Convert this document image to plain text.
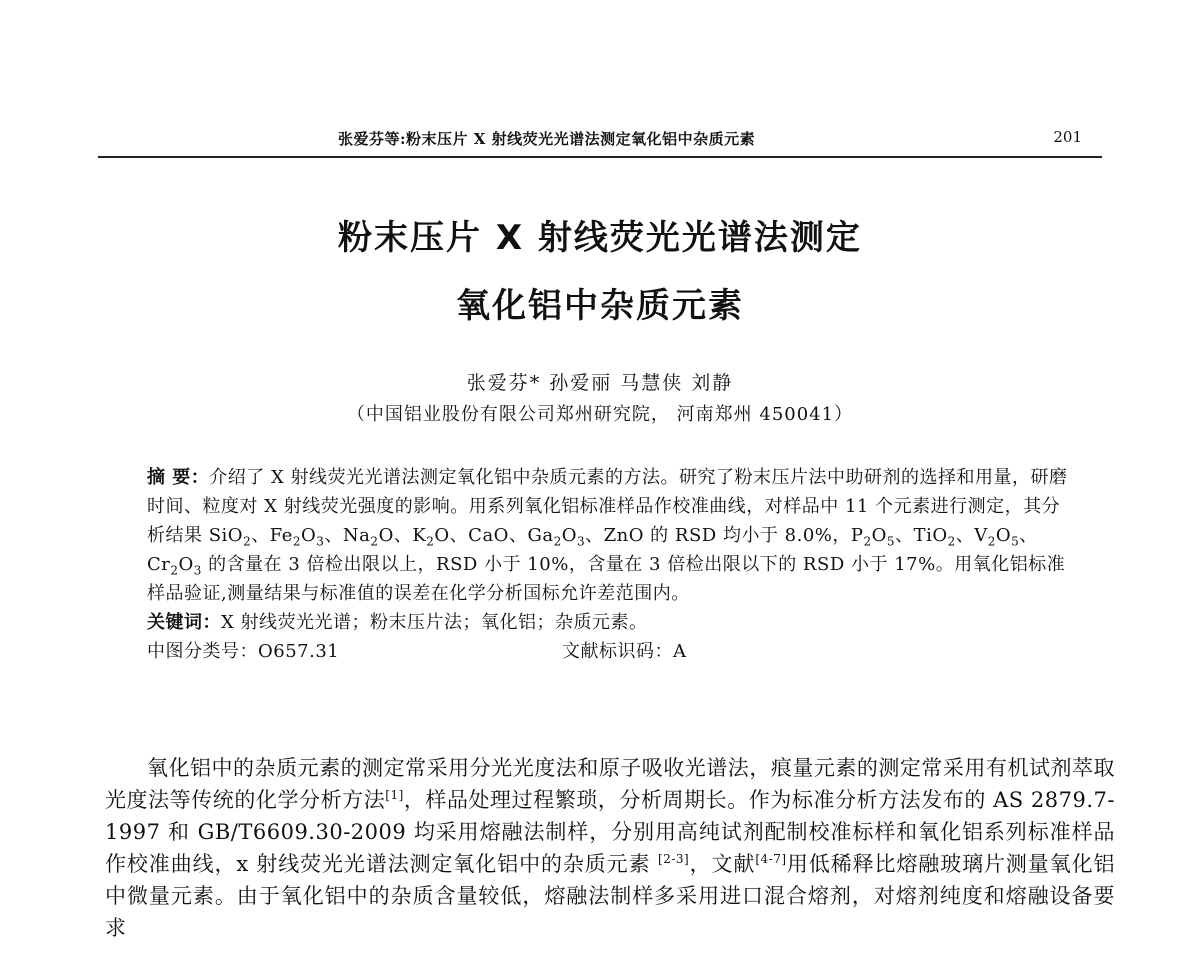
张爱芬等:粉末压片 X 射线荧光光谱法测定氧化铝中杂质元素	201
粉末压片 X 射线荧光光谱法测定
氧化铝中杂质元素
张爱芬* 孙爱丽 马慧侠 刘静
（中国铝业股份有限公司郑州研究院， 河南郑州 450041）

摘 要：介绍了 X 射线荧光光谱法测定氧化铝中杂质元素的方法。研究了粉末压片法中助研剂的选择和用量，研磨时间、粒度对 X 射线荧光强度的影响。用系列氧化铝标准样品作校准曲线，对样品中 11 个元素进行测定，其分析结果 SiO$_2$、$Fe_2O_3$、$Na_2O$、$K_2O$、CaO、$Ga_2O_3$、ZnO 的 RSD 均小于 8.0%，$P_2O_5$、TiO$_2$、$V_2O_5$、$Cr_2O_3$ 的含量在 3 倍检出限以上，RSD 小于 10%，含量在 3 倍检出限以下的 RSD 小于 17%。用氧化铝标准样品验证,测量结果与标准值的误差在化学分析国标允许差范围内。

关键词：X 射线荧光光谱；粉末压片法；氧化铝；杂质元素。

中图分类号：O657.31	文献标识码：A

氧化铝中的杂质元素的测定常采用分光光度法和原子吸收光谱法，痕量元素的测定常采用有机试剂萃取光度法等传统的化学分析方法[1]，样品处理过程繁琐，分析周期长。作为标准分析方法发布的 AS 2879.7-1997 和 GB/T6609.30-2009 均采用熔融法制样，分别用高纯试剂配制校准标样和氧化铝系列标准样品作校准曲线，x 射线荧光光谱法测定氧化铝中的杂质元素 [2-3]，文献[4-7]用低稀释比熔融玻璃片测量氧化铝中微量元素。由于氧化铝中的杂质含量较低，熔融法制样多采用进口混合熔剂，对熔剂纯度和熔融设备要求
